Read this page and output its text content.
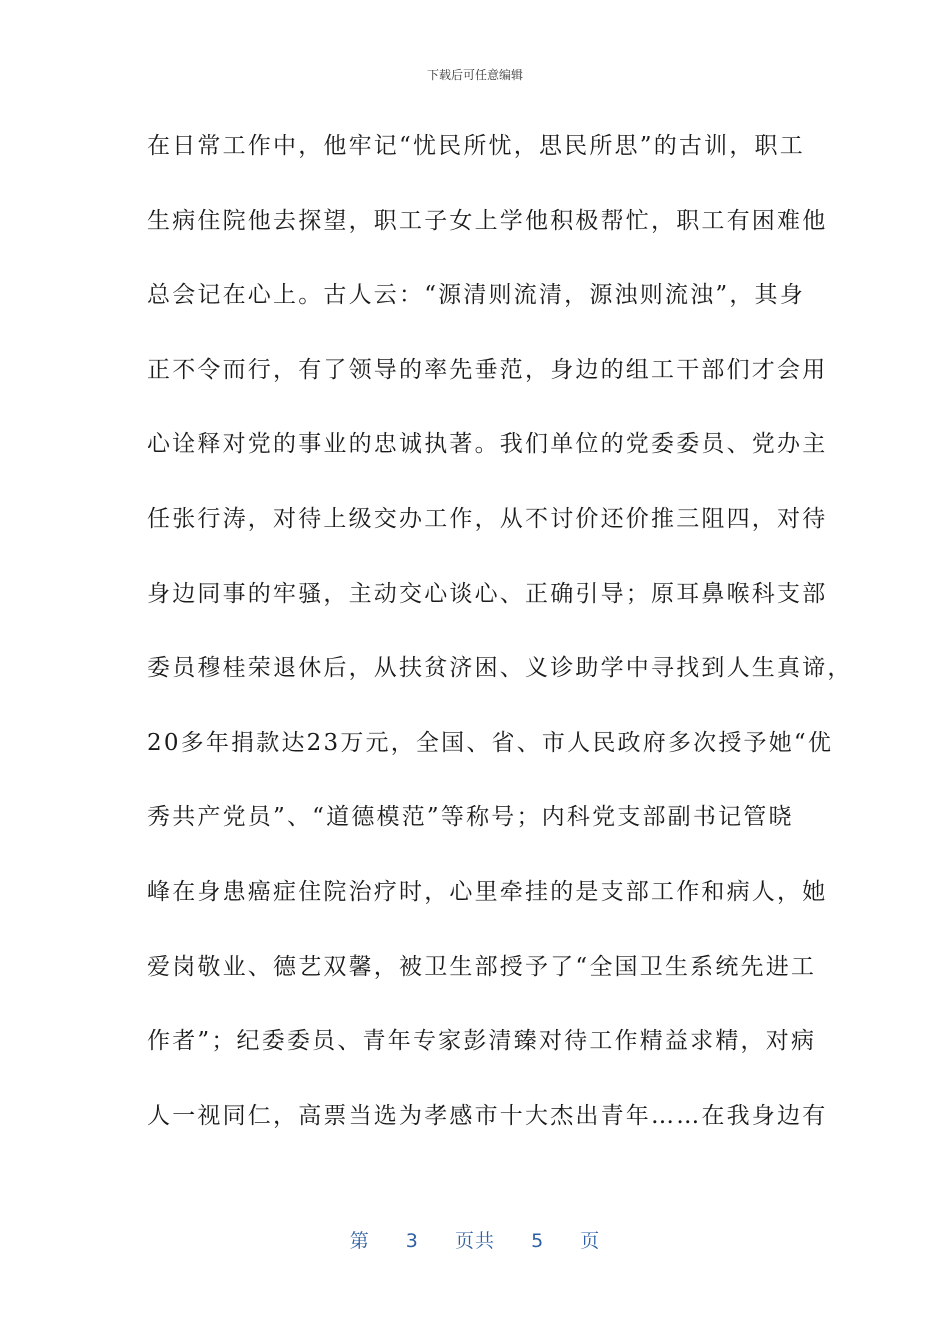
下载后可任意编辑
在日常工作中，他牢记“忧民所忧，思民所思”的古训，职工
生病住院他去探望，职工子女上学他积极帮忙，职工有困难他
总会记在心上。古人云：“源清则流清，源浊则流浊”，其身
正不令而行，有了领导的率先垂范，身边的组工干部们才会用
心诠释对党的事业的忠诚执著。我们单位的党委委员、党办主
任张行涛，对待上级交办工作，从不讨价还价推三阻四，对待
身边同事的牢骚，主动交心谈心、正确引导；原耳鼻喉科支部
委员穆桂荣退休后，从扶贫济困、义诊助学中寻找到人生真谛，
20多年捐款达23万元，全国、省、市人民政府多次授予她“优
秀共产党员”、“道德模范”等称号；内科党支部副书记管晓
峰在身患癌症住院治疗时，心里牵挂的是支部工作和病人，她
爱岗敬业、德艺双馨，被卫生部授予了“全国卫生系统先进工
作者”；纪委委员、青年专家彭清臻对待工作精益求精，对病
人一视同仁，高票当选为孝感市十大杰出青年……在我身边有
第 3 页共 5 页
